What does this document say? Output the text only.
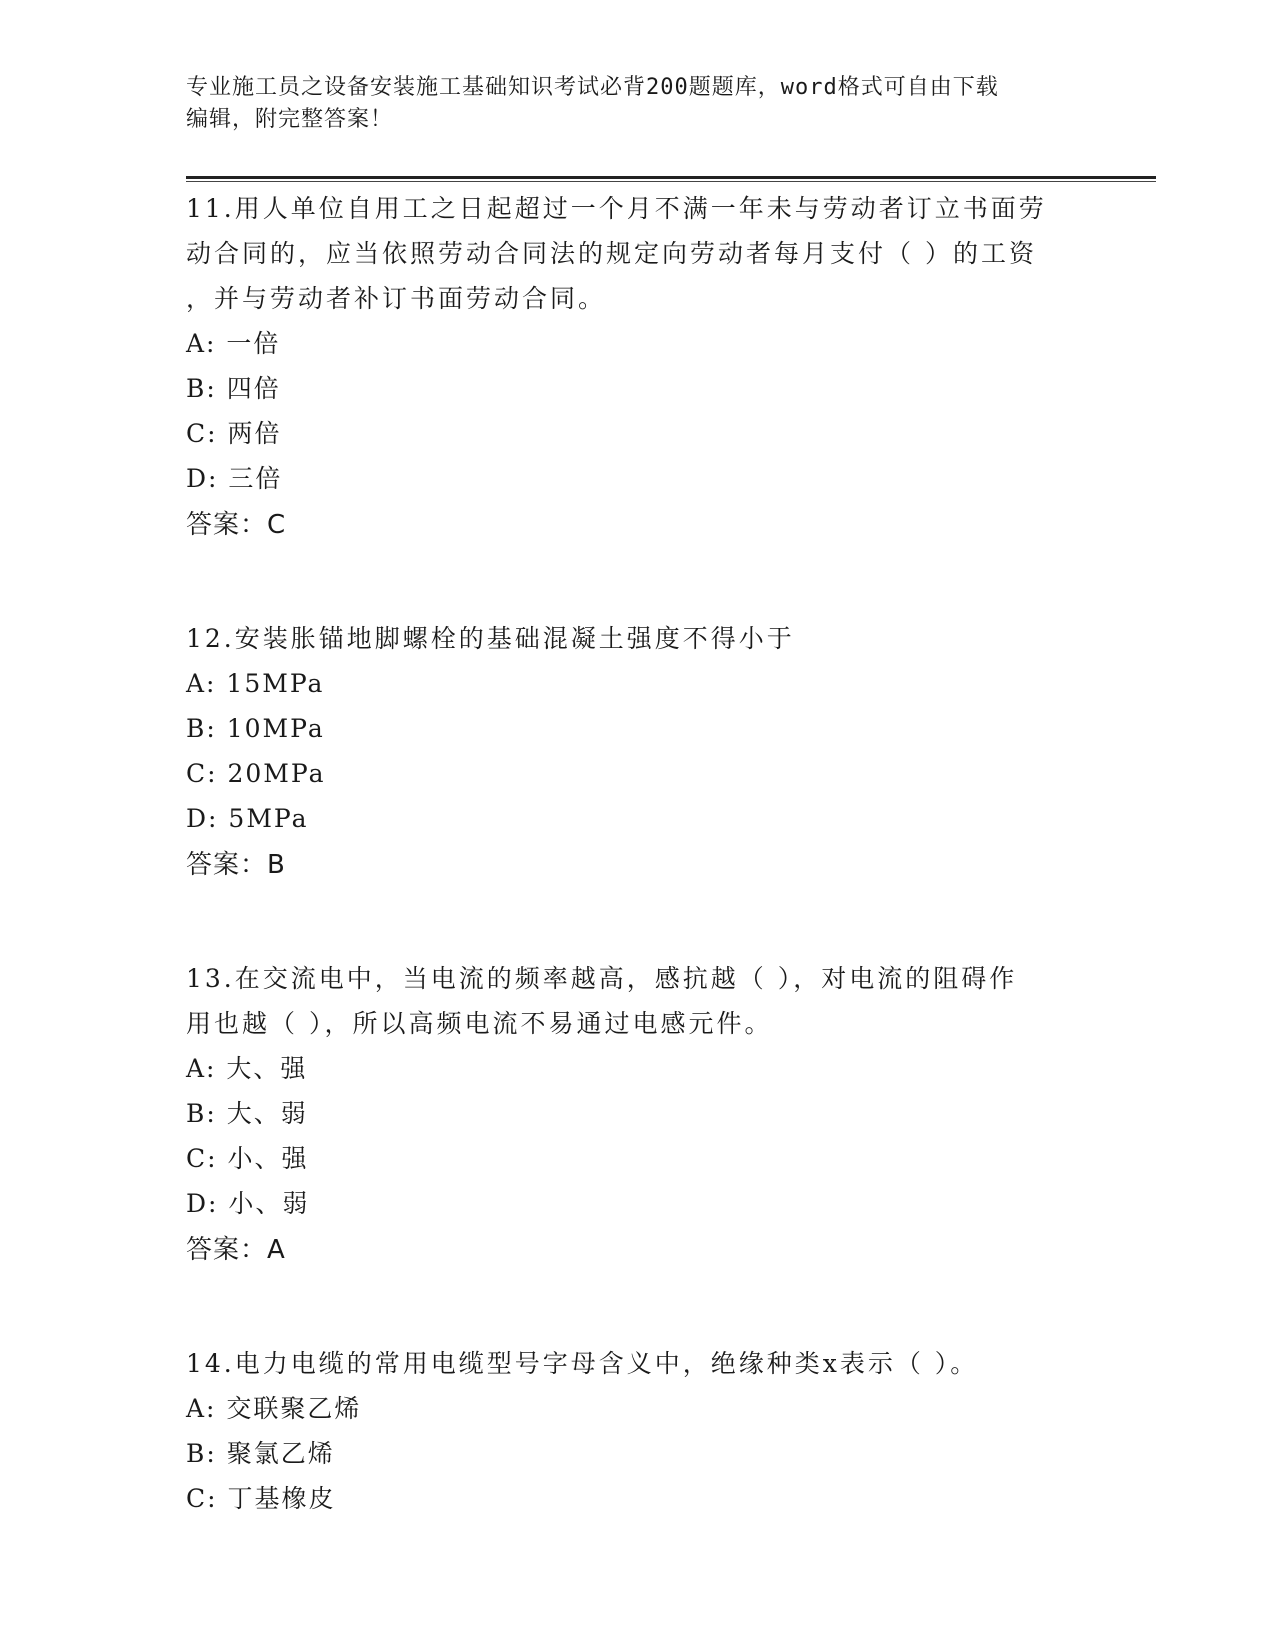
专业施工员之设备安装施工基础知识考试必背200题题库，word格式可自由下载
编辑，附完整答案！
11.用人单位自用工之日起超过一个月不满一年未与劳动者订立书面劳
动合同的，应当依照劳动合同法的规定向劳动者每月支付（ ）的工资
，并与劳动者补订书面劳动合同。
A: 一倍
B: 四倍
C: 两倍
D: 三倍
答案：C
12.安装胀锚地脚螺栓的基础混凝土强度不得小于
A: 15MPa
B: 10MPa
C: 20MPa
D: 5MPa
答案：B
13.在交流电中，当电流的频率越高，感抗越（ ），对电流的阻碍作
用也越（ ），所以高频电流不易通过电感元件。
A: 大、强
B: 大、弱
C: 小、强
D: 小、弱
答案：A
14.电力电缆的常用电缆型号字母含义中，绝缘种类x表示（ ）。
A: 交联聚乙烯
B: 聚氯乙烯
C: 丁基橡皮
